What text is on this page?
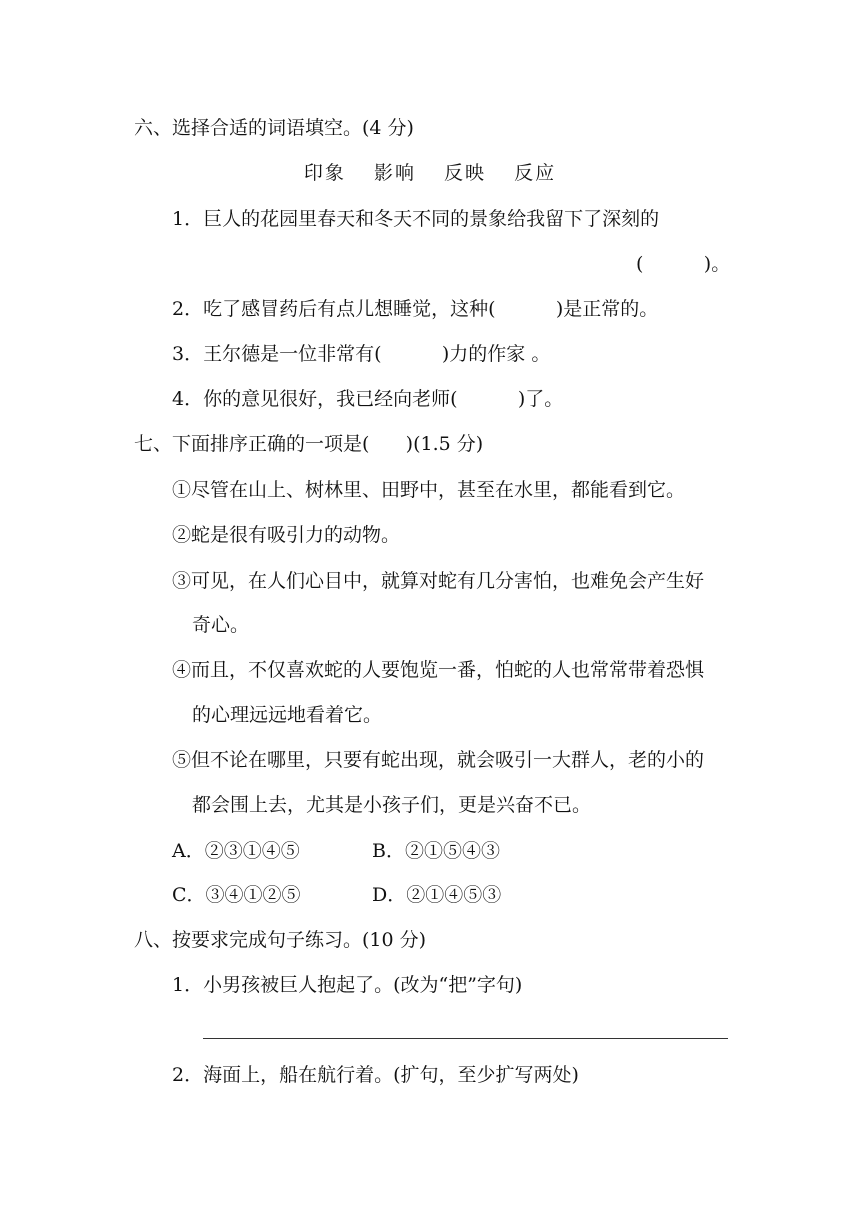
六、选择合适的词语填空。(4 分)
印象 影响 反映 反应
1．巨人的花园里春天和冬天不同的景象给我留下了深刻的
(          )。
2．吃了感冒药后有点儿想睡觉，这种(          )是正常的。
3．王尔德是一位非常有(          )力的作家 。
4．你的意见很好，我已经向老师(          )了。
七、下面排序正确的一项是(      )(1.5 分)
①尽管在山上、树林里、田野中，甚至在水里，都能看到它。
②蛇是很有吸引力的动物。
③可见，在人们心目中，就算对蛇有几分害怕，也难免会产生好
奇心。
④而且，不仅喜欢蛇的人要饱览一番，怕蛇的人也常常带着恐惧
的心理远远地看着它。
⑤但不论在哪里，只要有蛇出现，就会吸引一大群人，老的小的
都会围上去，尤其是小孩子们，更是兴奋不已。
A．②③①④⑤	B．②①⑤④③
C．③④①②⑤	D．②①④⑤③
八、按要求完成句子练习。(10 分)
1．小男孩被巨人抱起了。(改为“把”字句)
2．海面上，船在航行着。(扩句，至少扩写两处)
